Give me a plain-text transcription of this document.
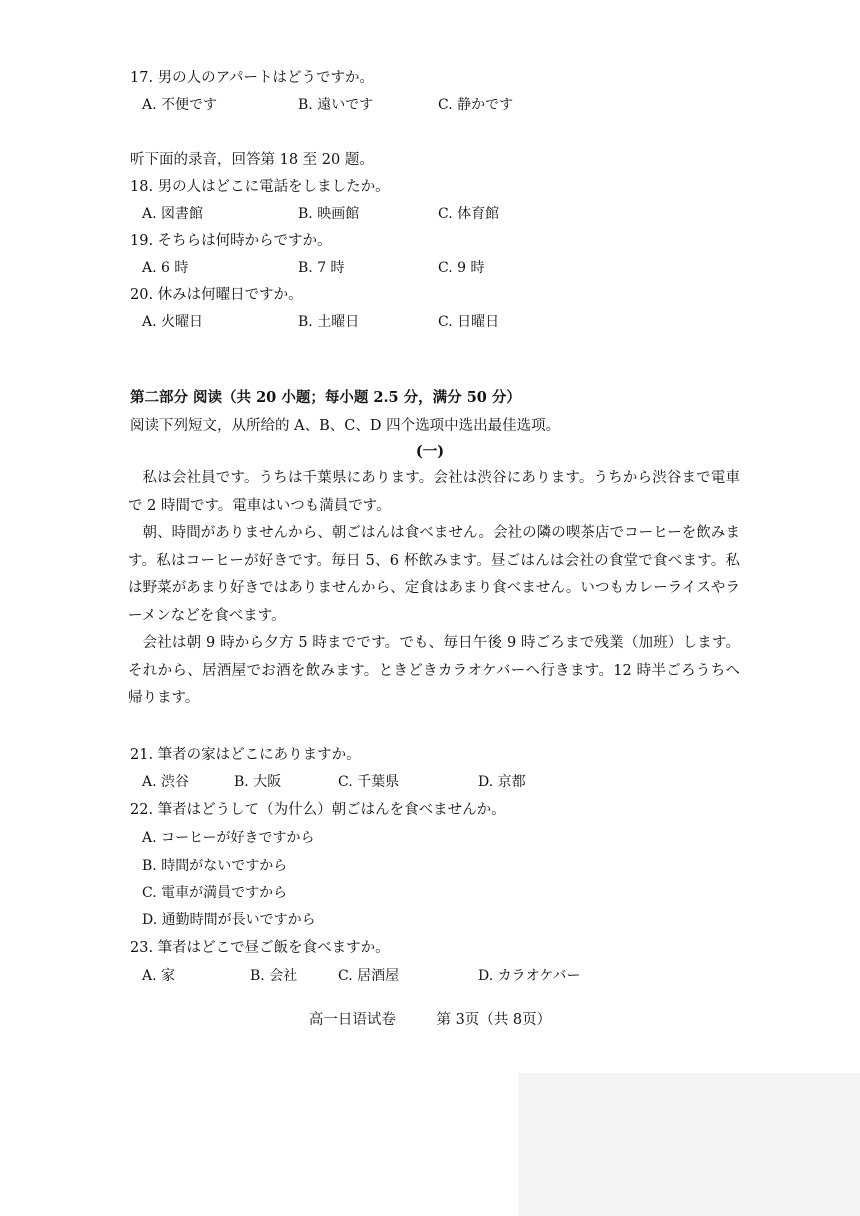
17. 男の人のアパートはどうですか。
A. 不便です	B. 遠いです	C. 静かです
听下面的录音，回答第 18 至 20 题。
18. 男の人はどこに電話をしましたか。
A. 図書館	B. 映画館	C. 体育館
19. そちらは何時からですか。
A. 6 時	B. 7 時	C. 9 時
20. 休みは何曜日ですか。
A. 火曜日	B. 土曜日	C. 日曜日
第二部分 阅读（共 20 小题；每小题 2.5 分，满分 50 分）
阅读下列短文，从所给的 A、B、C、D 四个选项中选出最佳选项。
(一)
私は会社員です。うちは千葉県にあります。会社は渋谷にあります。うちから渋谷まで電車で 2 時間です。電車はいつも満員です。
朝、時間がありませんから、朝ごはんは食べません。会社の隣の喫茶店でコーヒーを飲みます。私はコーヒーが好きです。毎日 5、6 杯飲みます。昼ごはんは会社の食堂で食べます。私は野菜があまり好きではありませんから、定食はあまり食べません。いつもカレーライスやラーメンなどを食べます。
会社は朝 9 時から夕方 5 時までです。でも、毎日午後 9 時ごろまで残業（加班）します。それから、居酒屋でお酒を飲みます。ときどきカラオケバーへ行きます。12 時半ごろうちへ帰ります。
21. 筆者の家はどこにありますか。
A. 渋谷	B. 大阪	C. 千葉県	D. 京都
22. 筆者はどうして（为什么）朝ごはんを食べませんか。
A. コーヒーが好きですから
B. 時間がないですから
C. 電車が満員ですから
D. 通勤時間が長いですから
23. 筆者はどこで昼ご飯を食べますか。
A. 家	B. 会社	C. 居酒屋	D. カラオケバー
高一日语试卷	第 3页（共 8页）
